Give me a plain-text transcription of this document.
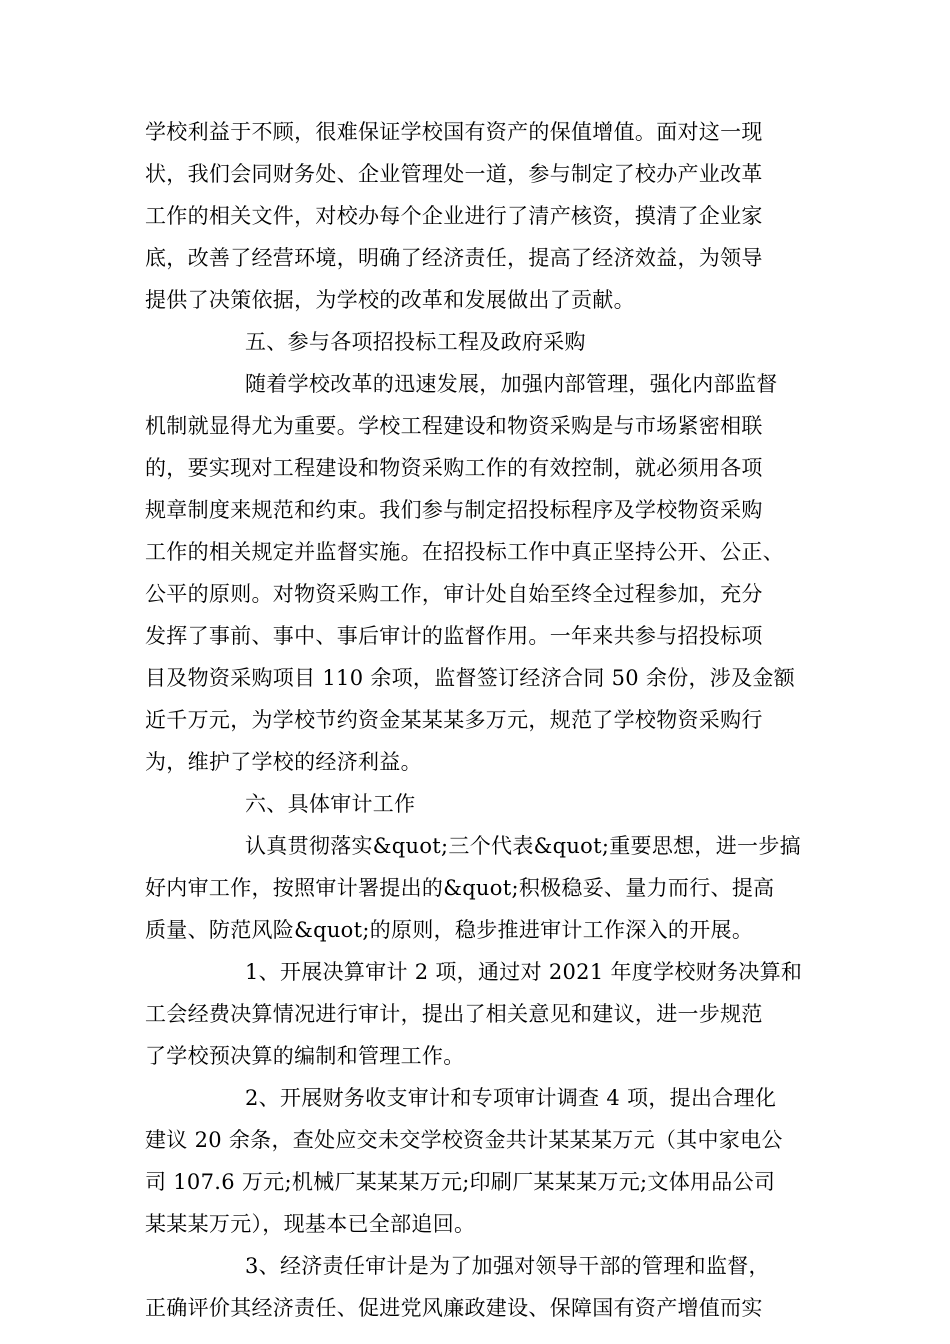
学校利益于不顾，很难保证学校国有资产的保值增值。面对这一现
状，我们会同财务处、企业管理处一道，参与制定了校办产业改革
工作的相关文件，对校办每个企业进行了清产核资，摸清了企业家
底，改善了经营环境，明确了经济责任，提高了经济效益，为领导
提供了决策依据，为学校的改革和发展做出了贡献。
五、参与各项招投标工程及政府采购
随着学校改革的迅速发展，加强内部管理，强化内部监督
机制就显得尤为重要。学校工程建设和物资采购是与市场紧密相联
的，要实现对工程建设和物资采购工作的有效控制，就必须用各项
规章制度来规范和约束。我们参与制定招投标程序及学校物资采购
工作的相关规定并监督实施。在招投标工作中真正坚持公开、公正、
公平的原则。对物资采购工作，审计处自始至终全过程参加，充分
发挥了事前、事中、事后审计的监督作用。一年来共参与招投标项
目及物资采购项目 110 余项，监督签订经济合同 50 余份，涉及金额
近千万元，为学校节约资金某某某多万元，规范了学校物资采购行
为，维护了学校的经济利益。
六、具体审计工作
认真贯彻落实&quot;三个代表&quot;重要思想，进一步搞
好内审工作，按照审计署提出的&quot;积极稳妥、量力而行、提高
质量、防范风险&quot;的原则，稳步推进审计工作深入的开展。
1、开展决算审计 2 项，通过对 2021 年度学校财务决算和
工会经费决算情况进行审计，提出了相关意见和建议，进一步规范
了学校预决算的编制和管理工作。
2、开展财务收支审计和专项审计调查 4 项，提出合理化
建议 20 余条，查处应交未交学校资金共计某某某万元（其中家电公
司 107.6 万元;机械厂某某某万元;印刷厂某某某万元;文体用品公司
某某某万元），现基本已全部追回。
3、经济责任审计是为了加强对领导干部的管理和监督，
正确评价其经济责任、促进党风廉政建设、保障国有资产增值而实
